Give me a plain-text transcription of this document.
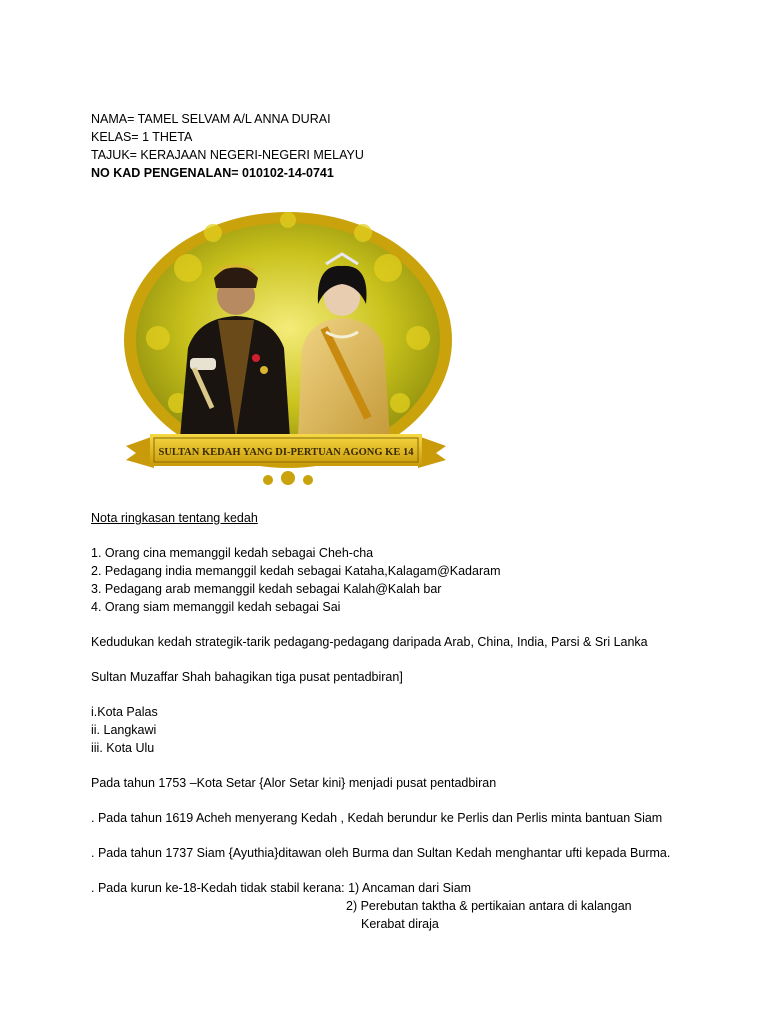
NAMA= TAMEL SELVAM A/L ANNA DURAI
KELAS= 1 THETA
TAJUK= KERAJAAN NEGERI-NEGERI MELAYU
NO KAD PENGENALAN= 010102-14-0741
SULTAN KEDAH YANG DI-PERTUAN AGONG KE 14

Nota ringkasan tentang kedah

1. Orang cina memanggil kedah sebagai Cheh-cha

2. Pedagang india memanggil kedah sebagai Kataha,Kalagam@Kadaram

3. Pedagang arab memanggil kedah sebagai Kalah@Kalah bar

4. Orang siam memanggil kedah sebagai Sai

Kedudukan kedah strategik-tarik pedagang-pedagang daripada Arab, China, India, Parsi & Sri Lanka

Sultan Muzaffar Shah bahagikan tiga pusat pentadbiran]

i.Kota Palas

ii. Langkawi

iii. Kota Ulu

Pada tahun 1753 –Kota Setar {Alor Setar kini} menjadi pusat pentadbiran

. Pada tahun 1619 Acheh menyerang Kedah , Kedah berundur ke Perlis dan Perlis minta bantuan Siam

. Pada tahun 1737 Siam {Ayuthia}ditawan oleh Burma dan Sultan Kedah menghantar ufti kepada Burma.

. Pada kurun ke-18-Kedah tidak stabil kerana: 1) Ancaman dari Siam

2) Perebutan taktha & pertikaian antara di kalangan

Kerabat diraja
